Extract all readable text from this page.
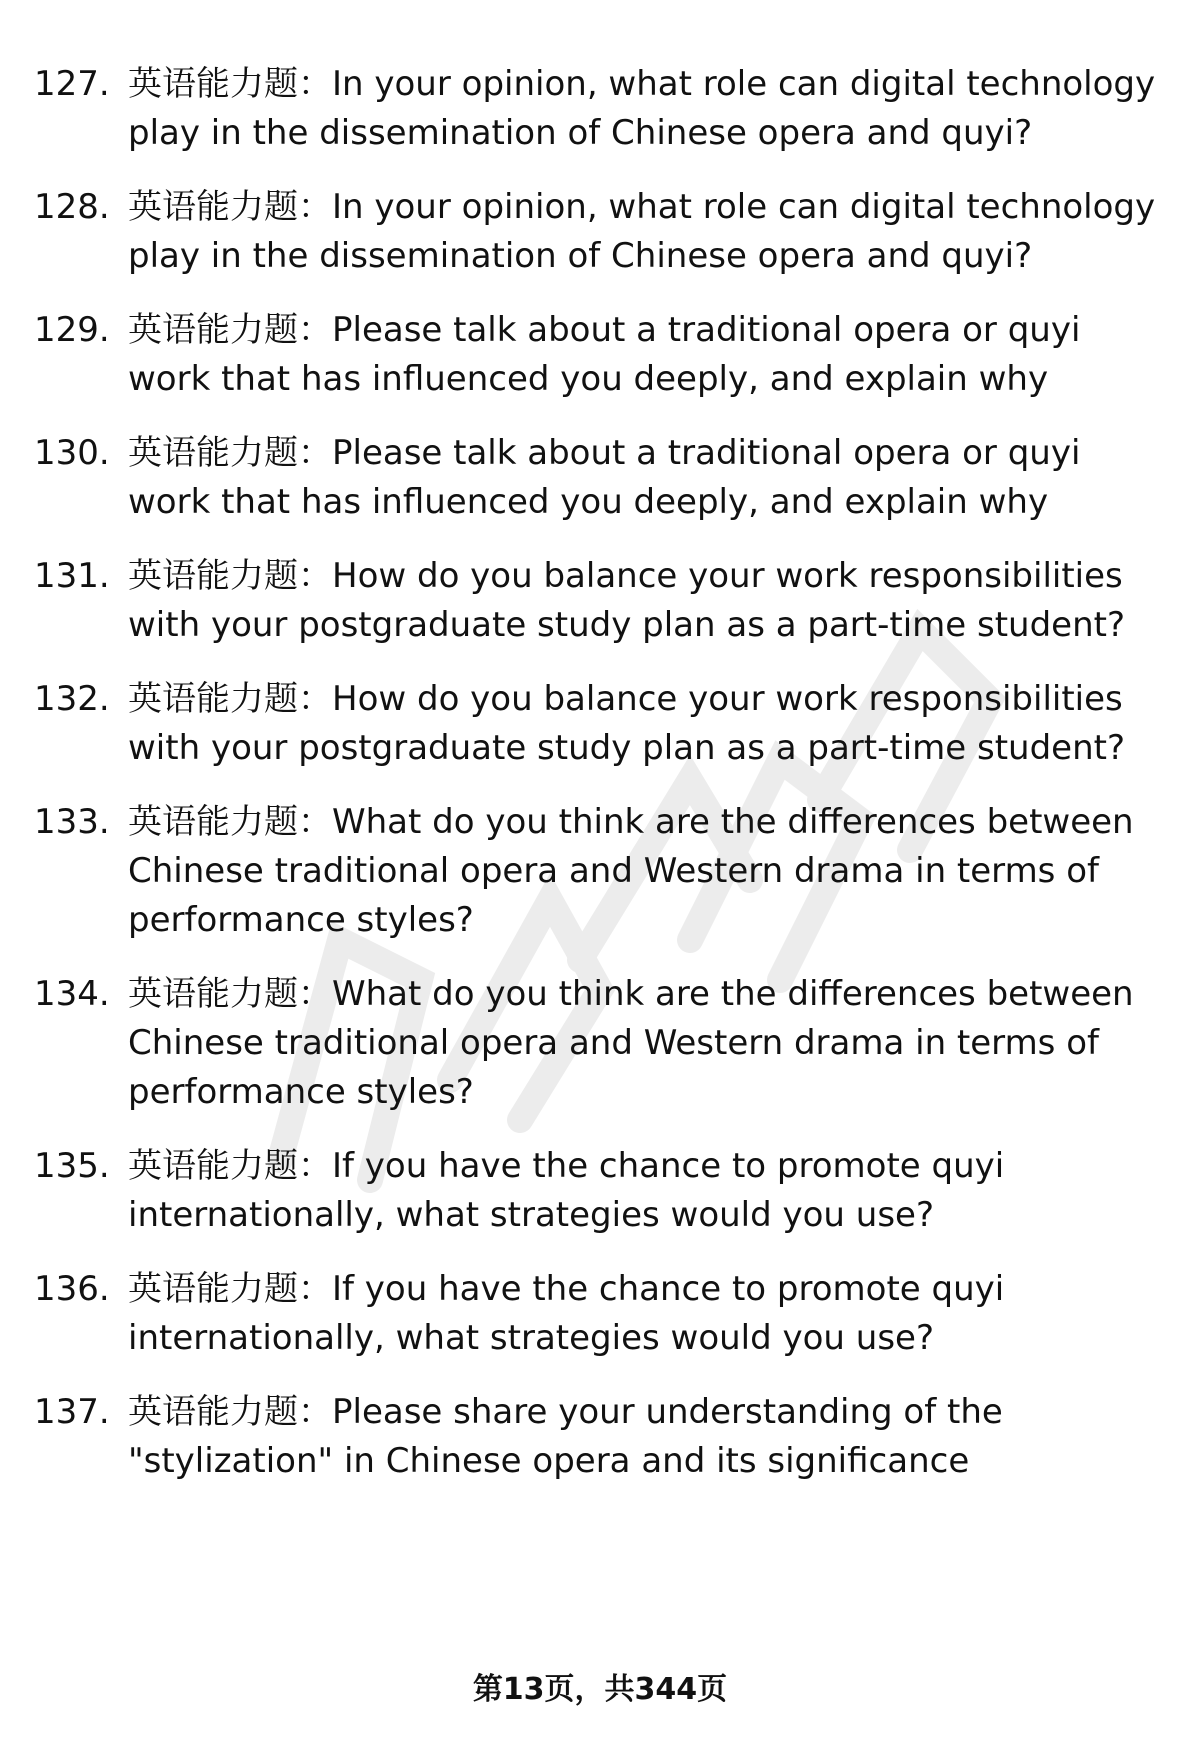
127. 英语能力题：In your opinion, what role can digital technology play in the dissemination of Chinese opera and quyi?
128. 英语能力题：In your opinion, what role can digital technology play in the dissemination of Chinese opera and quyi?
129. 英语能力题：Please talk about a traditional opera or quyi work that has influenced you deeply, and explain why
130. 英语能力题：Please talk about a traditional opera or quyi work that has influenced you deeply, and explain why
131. 英语能力题：How do you balance your work responsibilities with your postgraduate study plan as a part-time student?
132. 英语能力题：How do you balance your work responsibilities with your postgraduate study plan as a part-time student?
133. 英语能力题：What do you think are the differences between Chinese traditional opera and Western drama in terms of performance styles?
134. 英语能力题：What do you think are the differences between Chinese traditional opera and Western drama in terms of performance styles?
135. 英语能力题：If you have the chance to promote quyi internationally, what strategies would you use?
136. 英语能力题：If you have the chance to promote quyi internationally, what strategies would you use?
137. 英语能力题：Please share your understanding of the "stylization" in Chinese opera and its significance
第13页，共344页
